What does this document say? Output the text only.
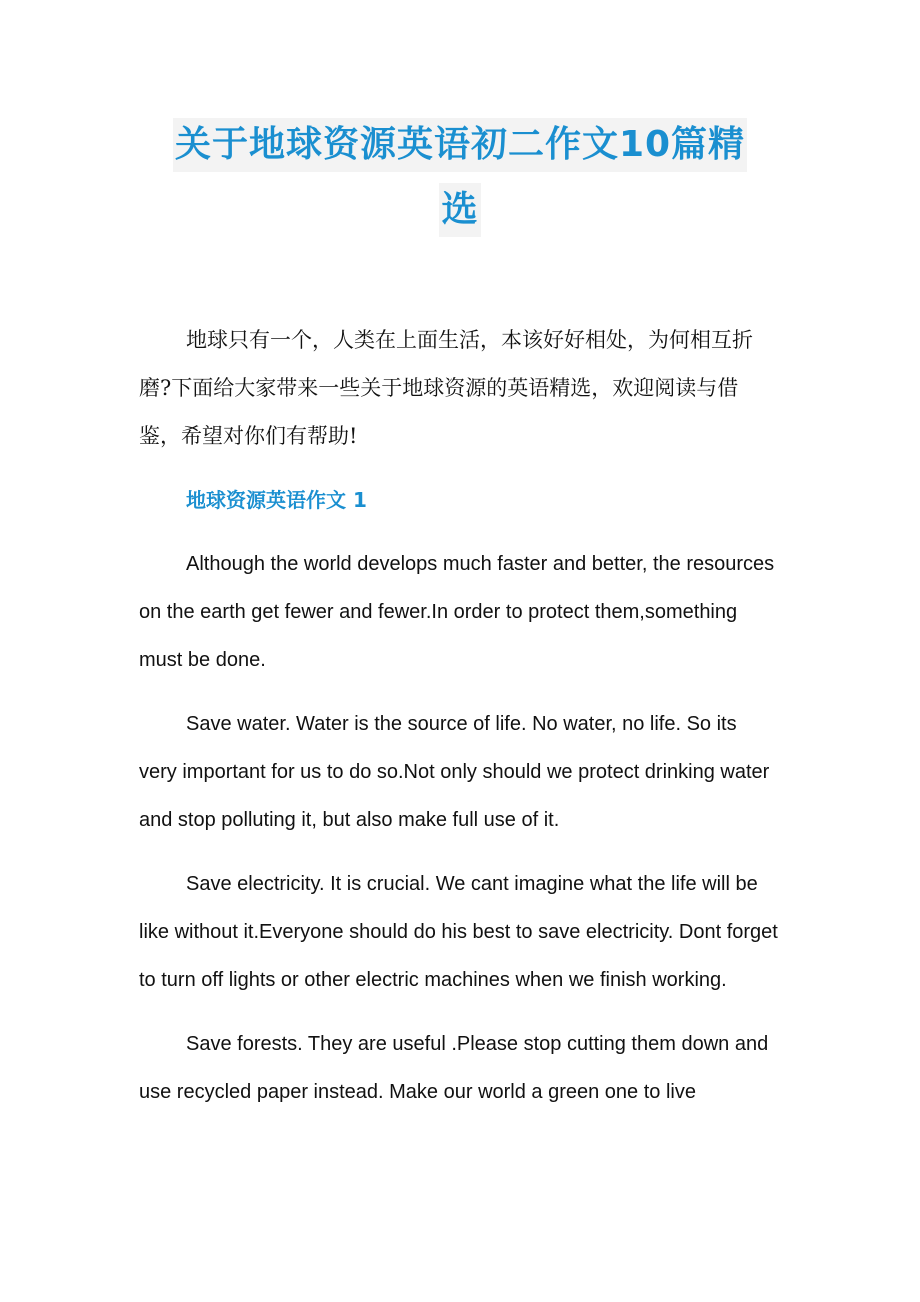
关于地球资源英语初二作文10篇精
选

地球只有一个，人类在上面生活，本该好好相处，为何相互折磨?下面给大家带来一些关于地球资源的英语精选，欢迎阅读与借鉴，希望对你们有帮助!

地球资源英语作文 1

Although the world develops much faster and better, the resources on the earth get fewer and fewer.In order to protect them,something must be done.

Save water. Water is the source of life. No water, no life. So its very important for us to do so.Not only should we protect drinking water and stop polluting it, but also make full use of it.

Save electricity. It is crucial. We cant imagine what the life will be like without it.Everyone should do his best to save electricity. Dont forget to turn off lights or other electric machines when we finish working.

Save forests. They are useful .Please stop cutting them down and use recycled paper instead. Make our world a green one to live
